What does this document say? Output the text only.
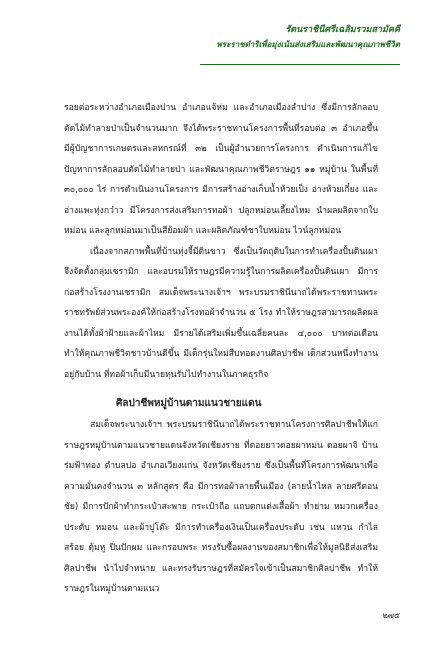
รัตนราชินีศรีเฉลิมรวมสามัคคี
พระราชดำริเพื่อมุ่งเน้นส่งเสริมและพัฒนาคุณภาพชีวิต

รอยต่อระหว่างอำเภอเมืองปาน อำเภอแจ้ห่ม และอำเภอเมืองลำปาง ซึ่งมีการลักลอบตัดไม้ทำลายป่าเป็นจำนวนมาก จึงได้พระราชทานโครงการพื้นที่รอบต่อ ๓ อำเภอขึ้น มีผู้บัญชาการเกษตรและสหกรณ์ที่ ๓๒ เป็นผู้อำนวยการโครงการ ดำเนินการแก้ไขปัญหาการลักลอบตัดไม้ทำลายป่า และพัฒนาคุณภาพชีวิตราษฎร ๑๑ หมู่บ้าน ในพื้นที่ ๓๐,๐๐๐ ไร่ การดำเนินงานโครงการ มีการสร้างอ่างเก็บน้ำห้วยเป็ง อ่างห้วยเกี๋ยง และอ่างแพะทุ่งกว๋าว มีโครงการส่งเสริมการทอผ้า ปลูกหม่อนเลี้ยงไหม นำผลผลิตจากใบหม่อน และลูกหม่อนมาเป็นสีย้อมผ้า และผลิตภัณฑ์ชาใบหม่อน ไวน์ลูกหม่อน

เนื่องจากสภาพพื้นที่บ้านทุ่งจี้มีดินขาว ซึ่งเป็นวัตถุดิบในการทำเครื่องปั้นดินเผา จึงจัดตั้งกลุ่มเซรามิก และอบรมให้ราษฎรมีความรู้ในการผลิตเครื่องปั้นดินเผา มีการก่อสร้างโรงงานเซรามิก สมเด็จพระนางเจ้าฯ พระบรมราชินีนาถได้พระราชทานพระราชทรัพย์ส่วนพระองค์ให้ก่อสร้างโรงทอผ้าจำนวน ๕ โรง ทำให้ราษฎรสามารถผลิตผลงานได้ทั้งผ้าฝ้ายและผ้าไหม มีรายได้เสริมเพิ่มขึ้นเฉลี่ยคนละ ๔,๐๐๐ บาทต่อเดือน ทำให้คุณภาพชีวิตชาวบ้านดีขึ้น มีเด็กรุ่นใหม่สืบทอดงานศิลปาชีพ เด็กส่วนหนึ่งทำงานอยู่กับบ้าน ที่ทอผ้าเก็บมีนายทุนรับไปทำงานในภาคธุรกิจ

ศิลปาชีพหมู่บ้านตามแนวชายแดน

สมเด็จพระนางเจ้าฯ พระบรมราชินีนาถได้พระราชทานโครงการศิลปาชีพให้แก่ราษฎรหมู่บ้านตามแนวชายแดนจังหวัดเชียงราย ที่ดอยยาวดอยผาหม่น ดอยผาจิ บ้านร่มฟ้าทอง ตำบลปอ อำเภอเวียงแก่น จังหวัดเชียงราย ซึ่งเป็นพื้นที่โครงการพัฒนาเพื่อความมั่นคงจำนวน ๓ หลักสูตร คือ มีการทอผ้าลายพื้นเมือง (ลายน้ำไหล ลายศรีดอนชัย) มีการปักผ้าทำกระเป๋าสะพาย กระเป๋าถือ แถบตกแต่งเสื้อผ้า ทำย่าม หมวกเครื่องประดับ หมอน และผ้าปูโต๊ะ มีการทำเครื่องเงินเป็นเครื่องประดับ เช่น แหวน กำไล สร้อย ตุ้มหู ปิ่นปักผม และกรอบพระ ทรงรับซื้อผลงานของสมาชิกเพื่อให้มูลนิธิส่งเสริมศิลปาชีพ นำไปจำหน่าย และทรงรับราษฎรที่สมัครใจเข้าเป็นสมาชิกศิลปาชีพ ทำให้ราษฎรในหมู่บ้านตามแนว

๒๗๕
